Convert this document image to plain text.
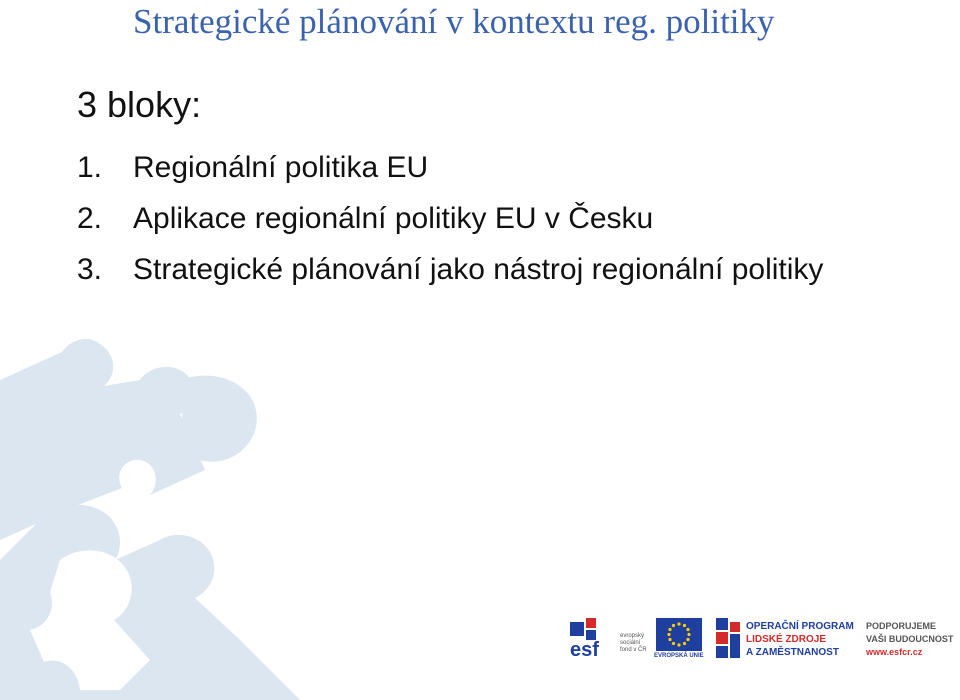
Strategické plánování v kontextu reg. politiky
3 bloky:
1. Regionální politika EU
2. Aplikace regionální politiky EU v Česku
3. Strategické plánování jako nástroj regionální politiky
esf
evropský
sociální
fond v ČR
EVROPSKÁ UNIE
OPERAČNÍ PROGRAM
LIDSKÉ ZDROJE
A ZAMĚSTNANOST
PODPORUJEME
VAŠI BUDOUCNOST
www.esfcr.cz
